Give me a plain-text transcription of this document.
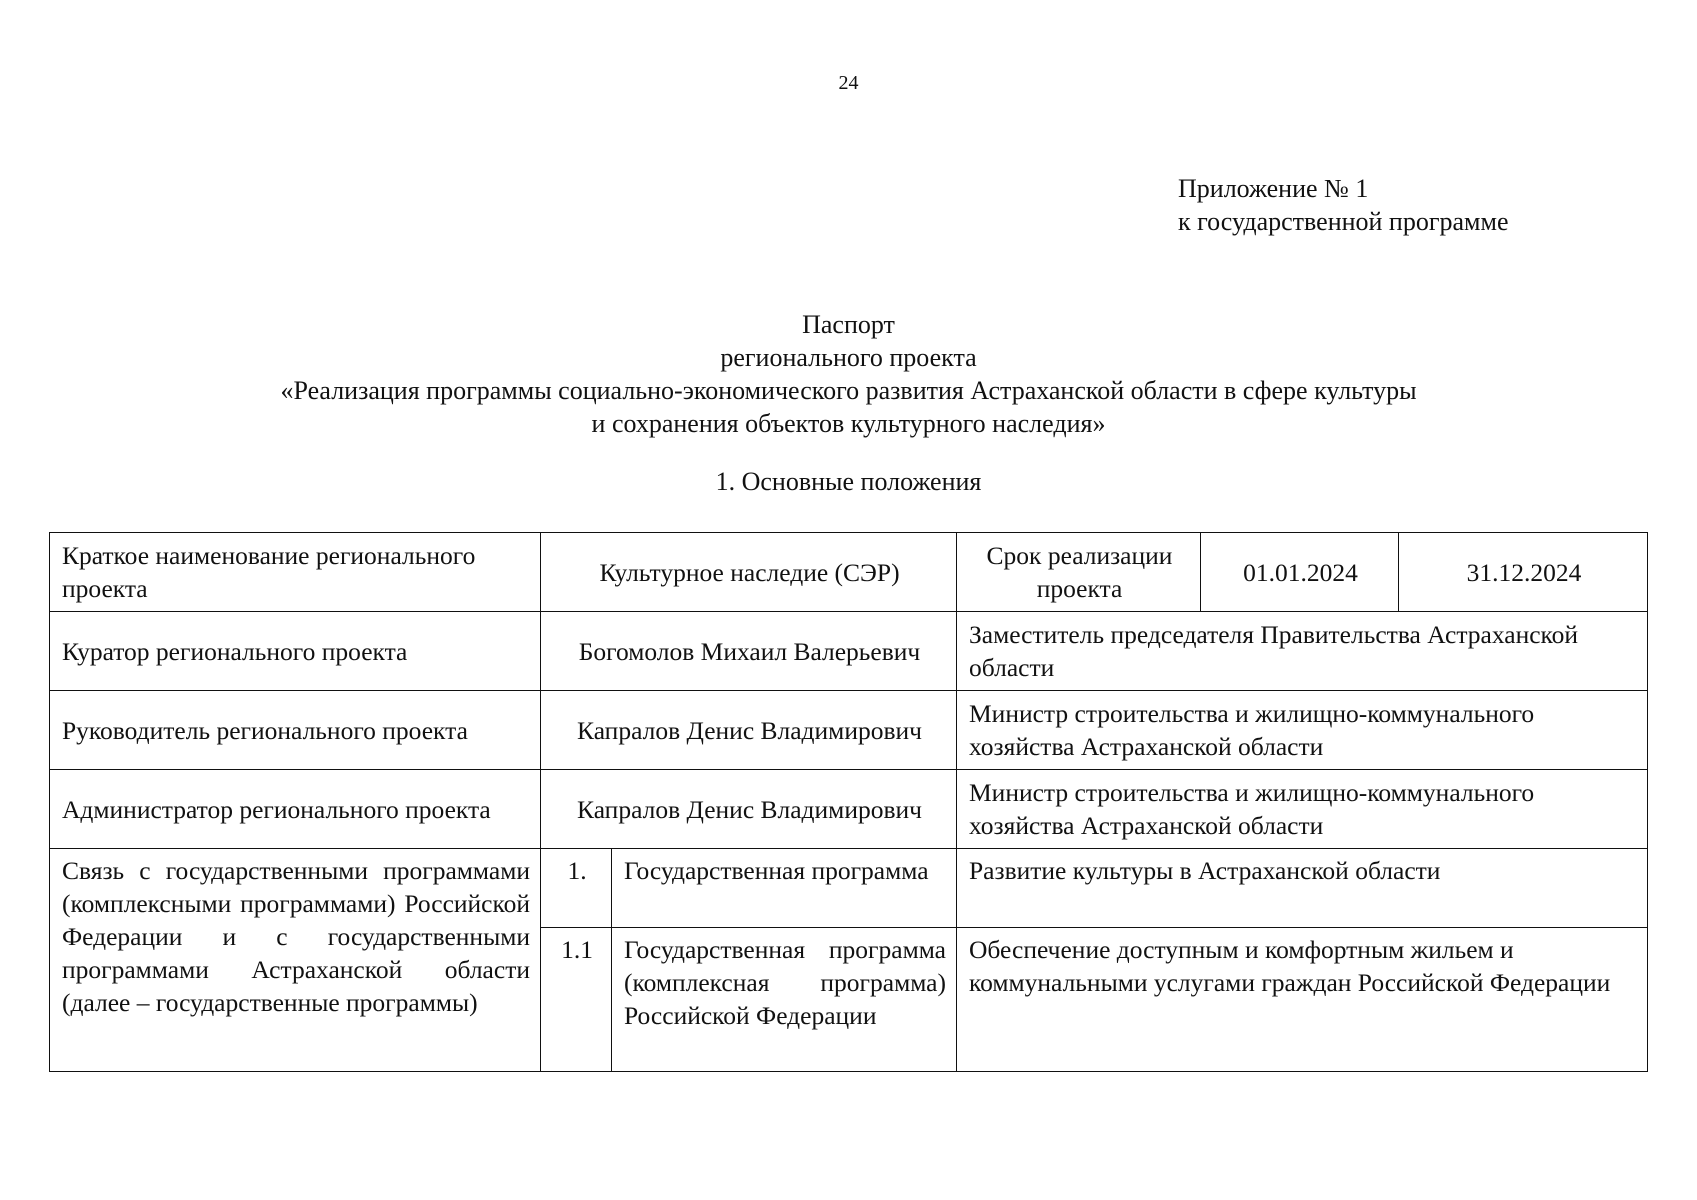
24
Приложение № 1
к государственной программе
Паспорт
регионального проекта
«Реализация программы социально-экономического развития Астраханской области в сфере культуры
и сохранения объектов культурного наследия»
1. Основные положения
Краткое наименование регионального проекта	Культурное наследие (СЭР)		Срок реализации проекта	01.01.2024	31.12.2024
Куратор регионального проекта	Богомолов Михаил Валерьевич		Заместитель председателя Правительства Астраханской области		
Руководитель регионального проекта	Капралов Денис Владимирович		Министр строительства и жилищно-коммунального хозяйства Астраханской области		
Администратор регионального проекта	Капралов Денис Владимирович		Министр строительства и жилищно-коммунального хозяйства Астраханской области		
Связь с государственными программами (комплексными программами) Российской Федерации и с государственными программами Астраханской области (далее – государственные программы)	1.	Государственная программа	Развитие культуры в Астраханской области		
	1.1	Государственная программа (комплексная программа) Российской Федерации	Обеспечение доступным и комфортным жильем и коммунальными услугами граждан Российской Федерации		
